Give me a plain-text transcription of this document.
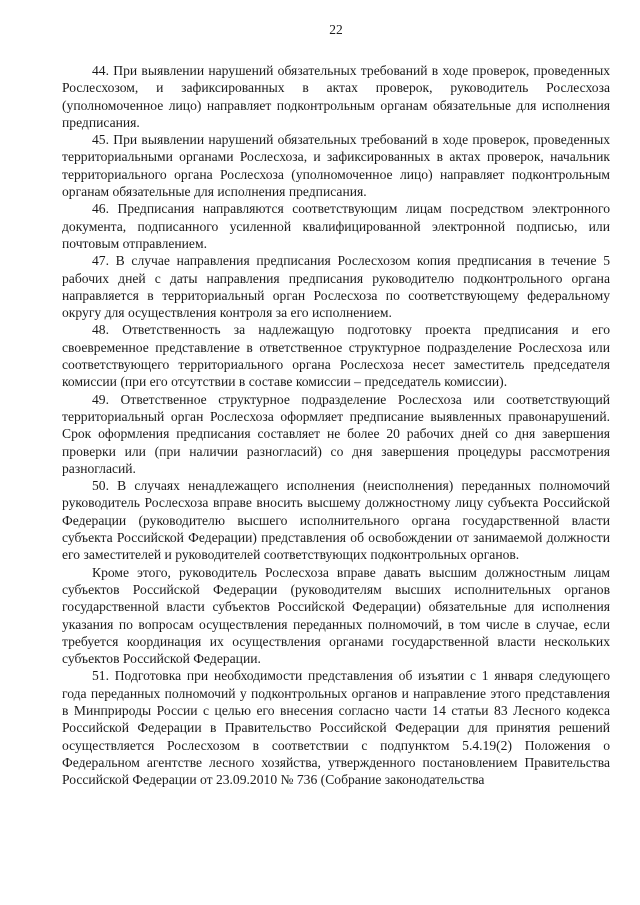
22

44. При выявлении нарушений обязательных требований в ходе проверок, проведенных Рослесхозом, и зафиксированных в актах проверок, руководитель Рослесхоза (уполномоченное лицо) направляет подконтрольным органам обязательные для исполнения предписания.

45. При выявлении нарушений обязательных требований в ходе проверок, проведенных территориальными органами Рослесхоза, и зафиксированных в актах проверок, начальник территориального органа Рослесхоза (уполномоченное лицо) направляет подконтрольным органам обязательные для исполнения предписания.

46. Предписания направляются соответствующим лицам посредством электронного документа, подписанного усиленной квалифицированной электронной подписью, или почтовым отправлением.

47. В случае направления предписания Рослесхозом копия предписания в течение 5 рабочих дней с даты направления предписания руководителю подконтрольного органа направляется в территориальный орган Рослесхоза по соответствующему федеральному округу для осуществления контроля за его исполнением.

48. Ответственность за надлежащую подготовку проекта предписания и его своевременное представление в ответственное структурное подразделение Рослесхоза или соответствующего территориального органа Рослесхоза несет заместитель председателя комиссии (при его отсутствии в составе комиссии – председатель комиссии).

49. Ответственное структурное подразделение Рослесхоза или соответствующий территориальный орган Рослесхоза оформляет предписание выявленных правонарушений. Срок оформления предписания составляет не более 20 рабочих дней со дня завершения проверки или (при наличии разногласий) со дня завершения процедуры рассмотрения разногласий.

50. В случаях ненадлежащего исполнения (неисполнения) переданных полномочий руководитель Рослесхоза вправе вносить высшему должностному лицу субъекта Российской Федерации (руководителю высшего исполнительного органа государственной власти субъекта Российской Федерации) представления об освобождении от занимаемой должности его заместителей и руководителей соответствующих подконтрольных органов.

Кроме этого, руководитель Рослесхоза вправе давать высшим должностным лицам субъектов Российской Федерации (руководителям высших исполнительных органов государственной власти субъектов Российской Федерации) обязательные для исполнения указания по вопросам осуществления переданных полномочий, в том числе в случае, если требуется координация их осуществления органами государственной власти нескольких субъектов Российской Федерации.

51. Подготовка при необходимости представления об изъятии с 1 января следующего года переданных полномочий у подконтрольных органов и направление этого представления в Минприроды России с целью его внесения согласно части 14 статьи 83 Лесного кодекса Российской Федерации в Правительство Российской Федерации для принятия решений осуществляется Рослесхозом в соответствии с подпунктом 5.4.19(2) Положения о Федеральном агентстве лесного хозяйства, утвержденного постановлением Правительства Российской Федерации от 23.09.2010 № 736 (Собрание законодательства
